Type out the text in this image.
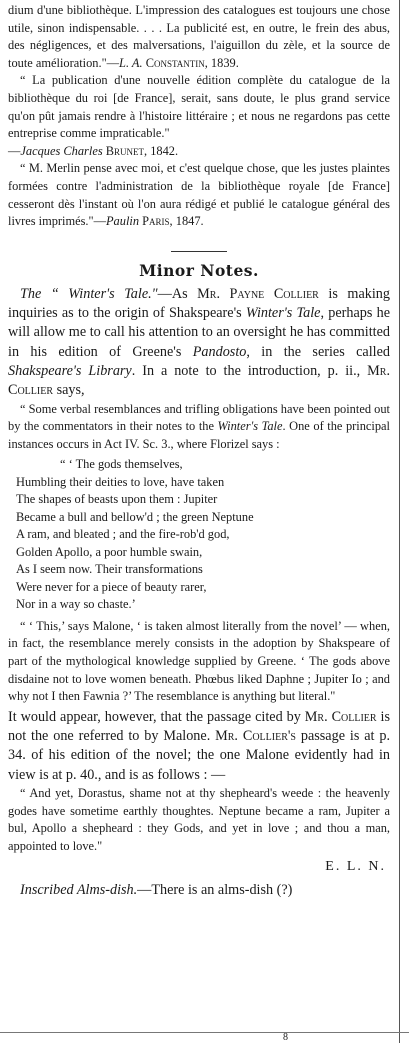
dium d'une bibliothèque. L'impression des catalogues est toujours une chose utile, sinon indispensable. . . . La publicité est, en outre, le frein des abus, des négligences, et des malversations, l'aiguillon du zèle, et la source de toute amélioration."—L. A. Constantin, 1839.

“ La publication d'une nouvelle édition complète du catalogue de la bibliothèque du roi [de France], serait, sans doute, le plus grand service qu'on pût jamais rendre à l'histoire littéraire ; et nous ne regardons pas cette entreprise comme impraticable."
—Jacques Charles Brunet, 1842.

“ M. Merlin pense avec moi, et c'est quelque chose, que les justes plaintes formées contre l'administration de la bibliothèque royale [de France] cesseront dès l'instant où l'on aura rédigé et publié le catalogue général des livres imprimés."—Paulin Paris, 1847.

Minor Notes.

The “ Winter's Tale."—As Mr. Payne Collier is making inquiries as to the origin of Shakspeare's Winter's Tale, perhaps he will allow me to call his attention to an oversight he has committed in his edition of Greene's Pandosto, in the series called Shakspeare's Library. In a note to the introduction, p. ii., Mr. Collier says,

“ Some verbal resemblances and trifling obligations have been pointed out by the commentators in their notes to the Winter's Tale. One of the principal instances occurs in Act IV. Sc. 3., where Florizel says :

“ ‘ The gods themselves,
Humbling their deities to love, have taken
The shapes of beasts upon them : Jupiter
Became a bull and bellow'd ; the green Neptune
A ram, and bleated ; and the fire-rob'd god,
Golden Apollo, a poor humble swain,
As I seem now. Their transformations
Were never for a piece of beauty rarer,
Nor in a way so chaste.’

“ ‘ This,’ says Malone, ‘ is taken almost literally from the novel’ — when, in fact, the resemblance merely consists in the adoption by Shakspeare of part of the mythological knowledge supplied by Greene. ‘ The gods above disdaine not to love women beneath. Phœbus liked Daphne ; Jupiter Io ; and why not I then Fawnia ?’ The resemblance is anything but literal."

It would appear, however, that the passage cited by Mr. Collier is not the one referred to by Malone. Mr. Collier's passage is at p. 34. of his edition of the novel; the one Malone evidently had in view is at p. 40., and is as follows : —

“ And yet, Dorastus, shame not at thy shepheard's weede : the heavenly godes have sometime earthly thoughtes. Neptune became a ram, Jupiter a bul, Apollo a shepheard : they Gods, and yet in love ; and thou a man, appointed to love."

E. L. N.

Inscribed Alms-dish.—There is an alms-dish (?)

8
